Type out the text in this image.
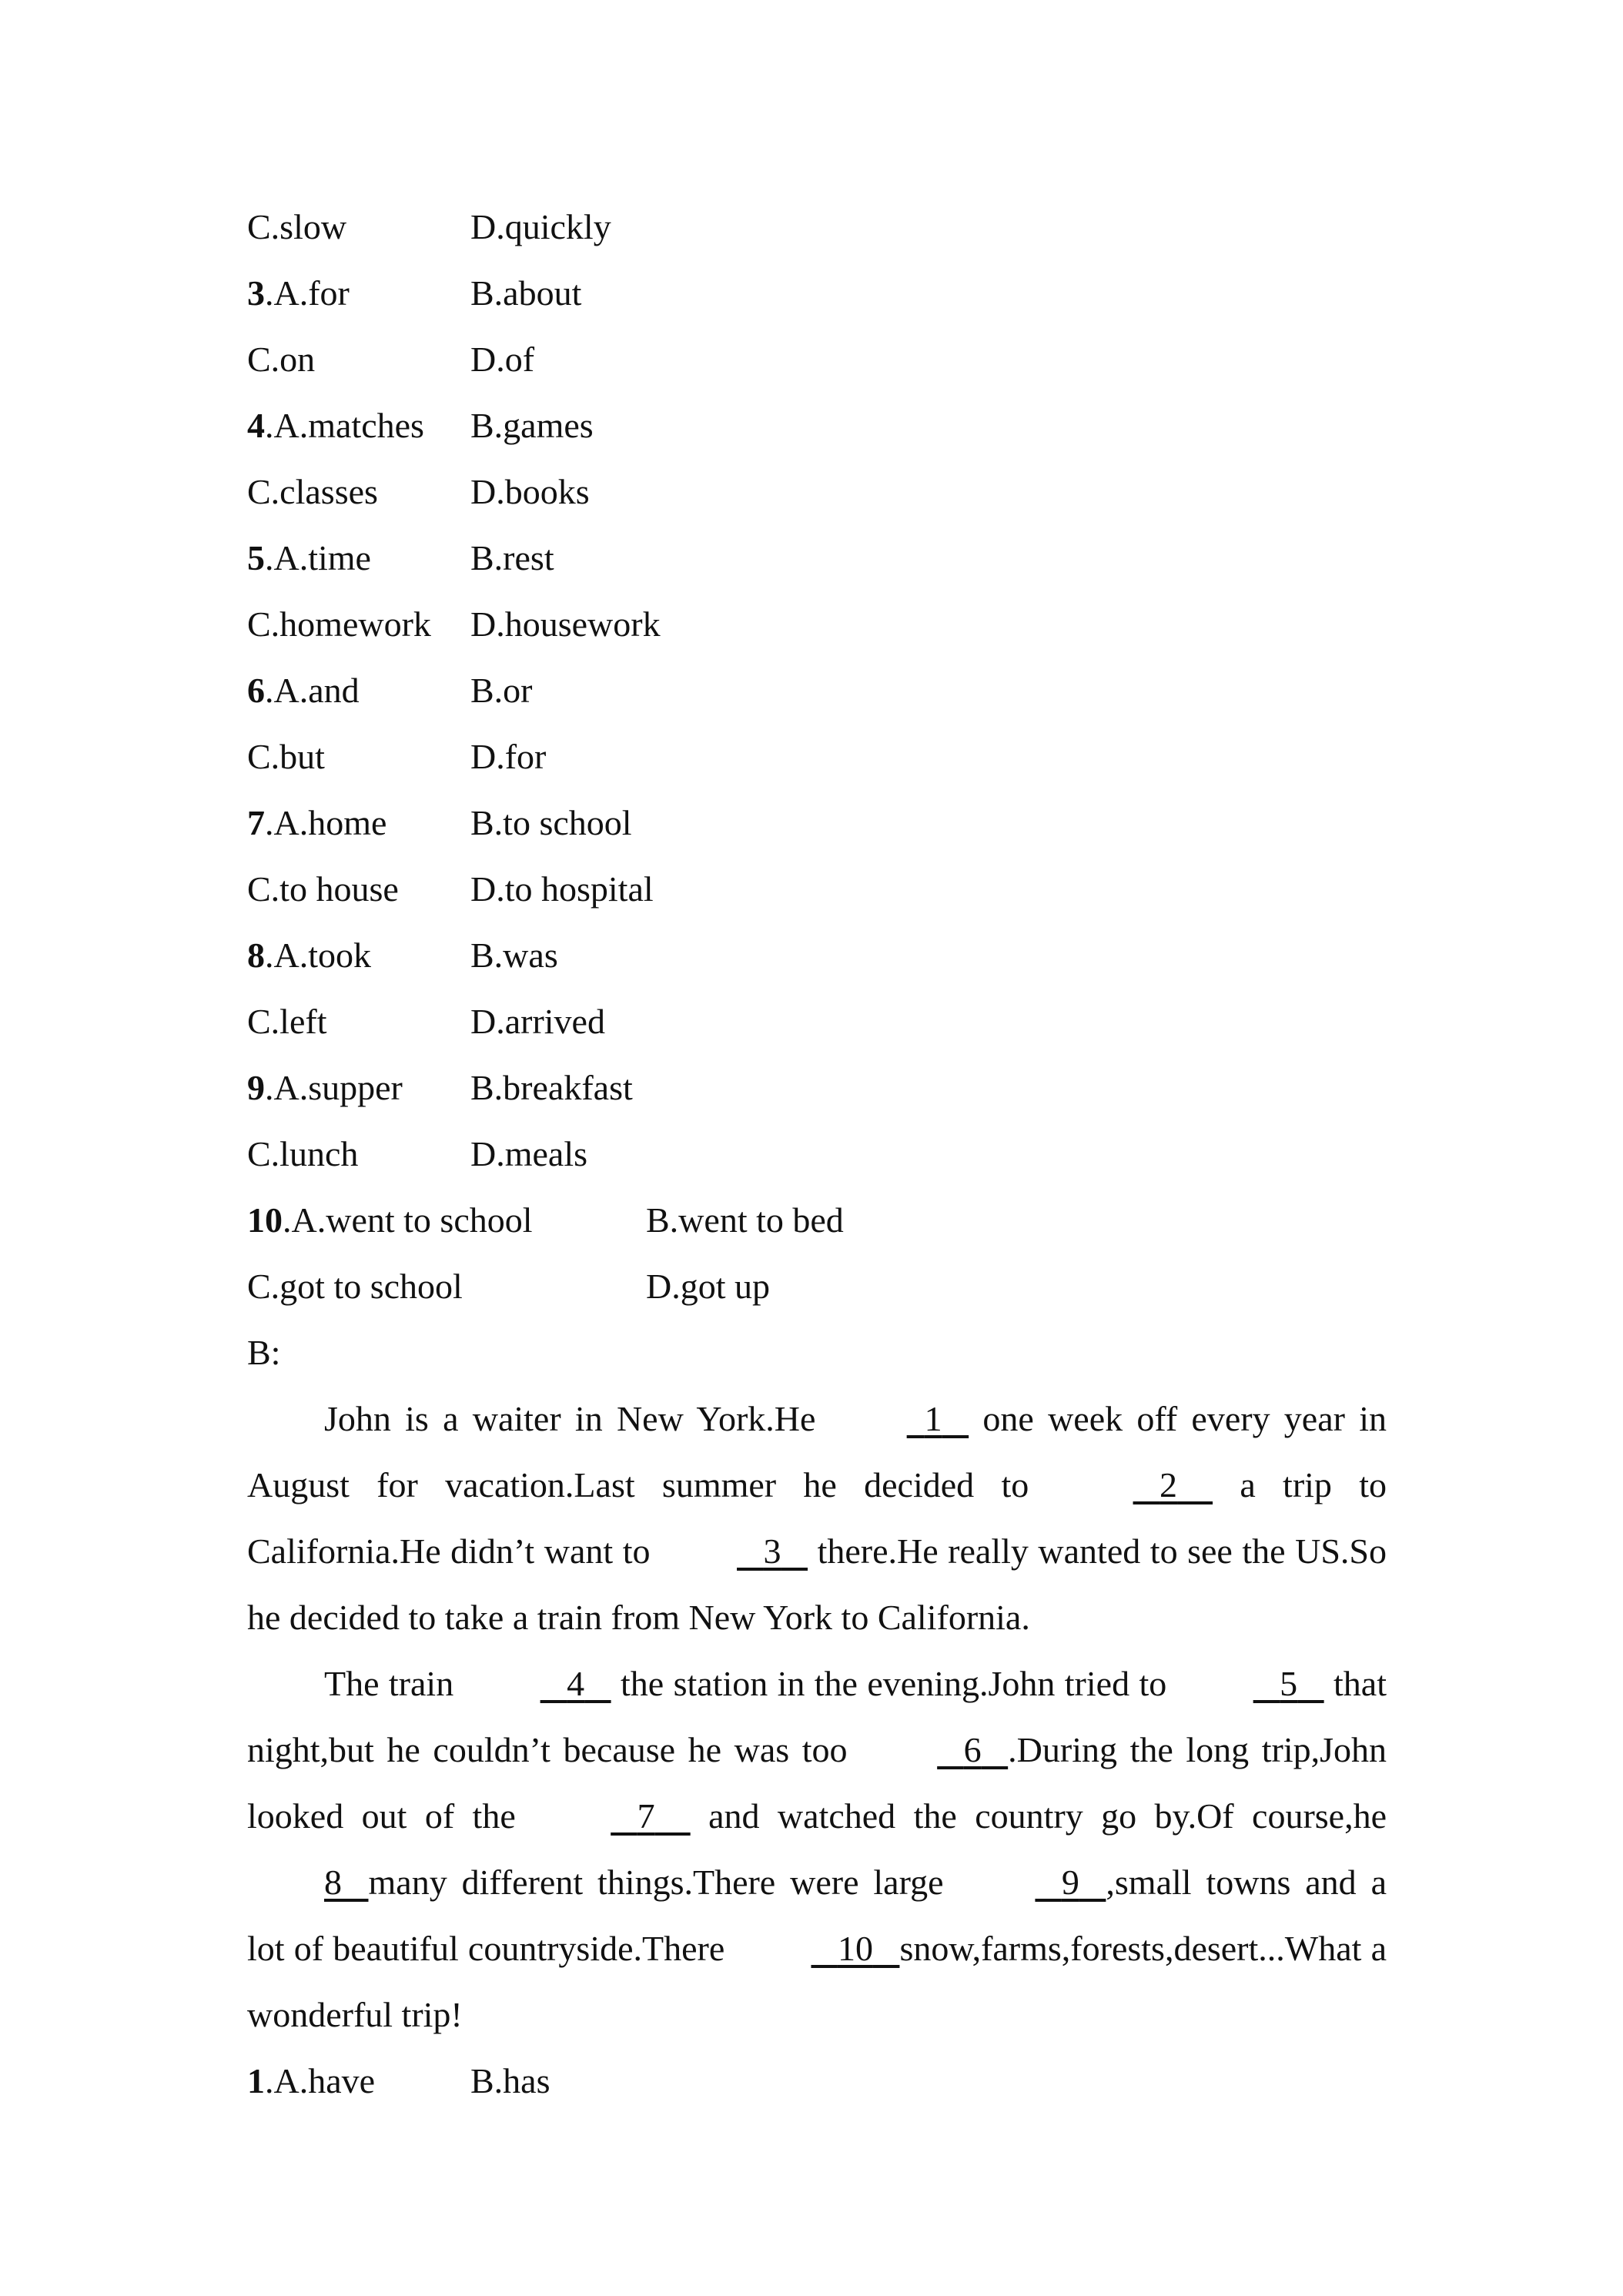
C.slow	D.quickly
3.A.for	B.about
C.on	D.of
4.A.matches B.games
C.classes	D.books
5.A.time	B.rest
C.homework D.housework
6.A.and	B.or
C.but	D.for
7.A.home B.to school
C.to house D.to hospital
8.A.took	B.was
C.left	D.arrived
9.A.supper B.breakfast
C.lunch	D.meals
10.A.went to school	B.went to bed
C.got to school	D.got up
B:

John is a waiter in New York.He	1    one week off every year in August for vacation.Last summer he decided to	2     a trip to California.He didn’t want to	3    there.He really wanted to see the US.So he decided to take a train from New York to California.

The train	4    the station in the evening.John tried to	5    that night,but he couldn’t because he was too	6 .During the long trip,John looked out of the	7     and watched the country go by.Of course,he 8 many different things.There were large	9 ,small towns and a lot of beautiful countryside.There	10 snow,farms,forests,desert...What a wonderful trip!

1.A.have	B.has
